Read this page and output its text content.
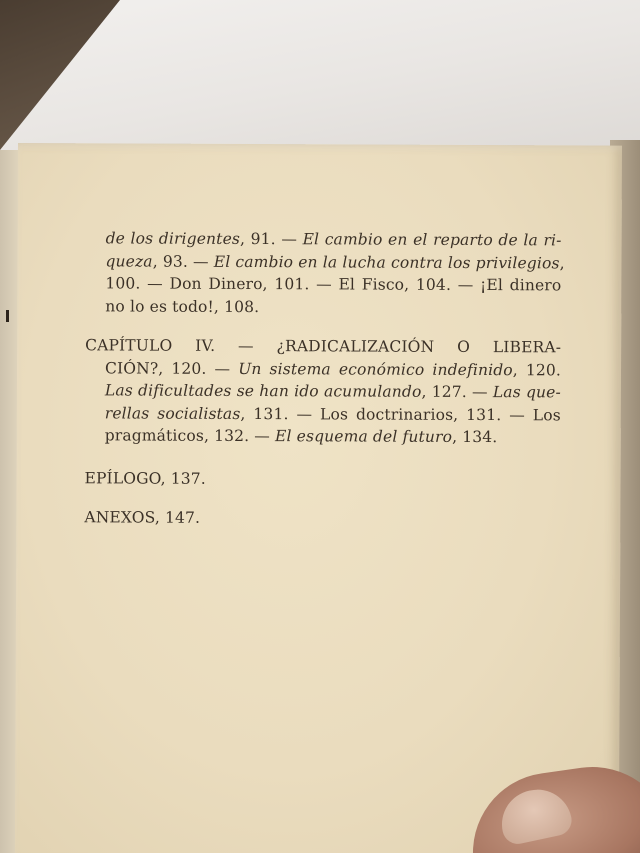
de los dirigentes, 91. — El cambio en el reparto de la ri-
queza, 93. — El cambio en la lucha contra los privilegios,
100. — Don Dinero, 101. — El Fisco, 104. — ¡El dinero
no lo es todo!, 108.
CAPÍTULO IV. — ¿RADICALIZACIÓN O LIBERA-
CIÓN?, 120. — Un sistema económico indefinido, 120.
Las dificultades se han ido acumulando, 127. — Las que-
rellas socialistas, 131. — Los doctrinarios, 131. — Los
pragmáticos, 132. — El esquema del futuro, 134.
EPÍLOGO, 137.
ANEXOS, 147.
